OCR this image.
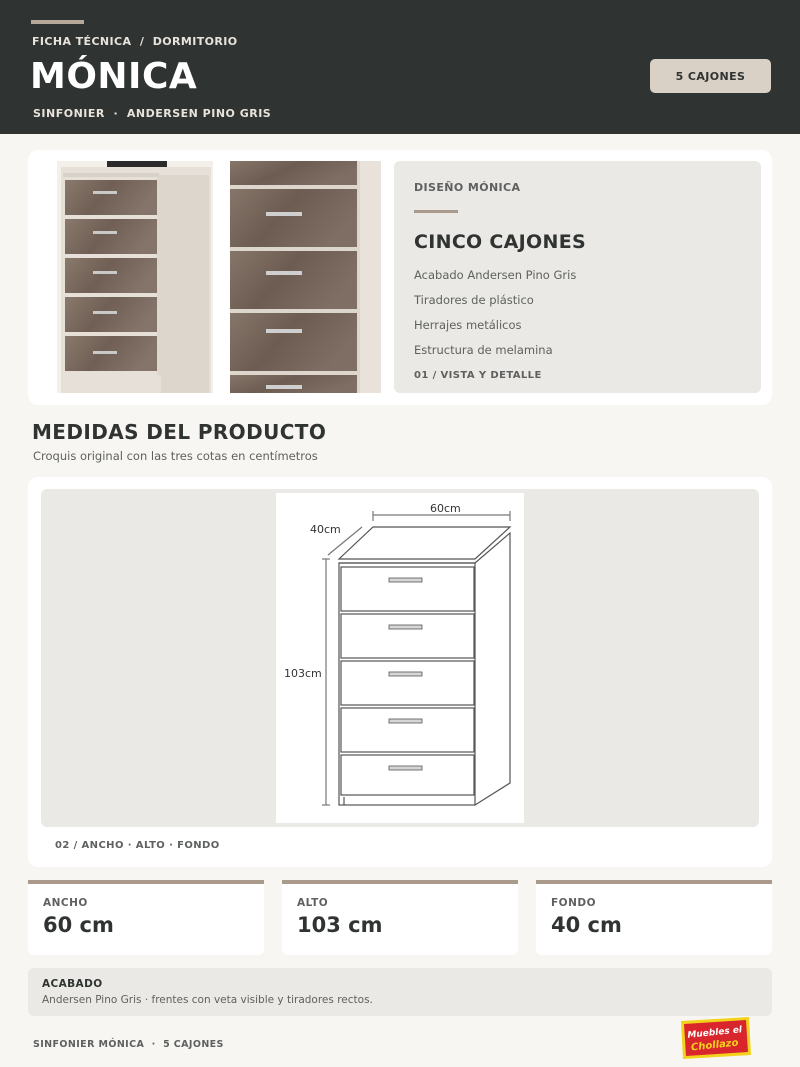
FICHA TÉCNICA  /  DORMITORIO
MÓNICA
SINFONIER  ·  ANDERSEN PINO GRIS
5 CAJONES
DISEÑO MÓNICA
CINCO CAJONES
Acabado Andersen Pino Gris
Tiradores de plástico
Herrajes metálicos
Estructura de melamina
01 / VISTA Y DETALLE
MEDIDAS DEL PRODUCTO
Croquis original con las tres cotas en centímetros
60cm
40cm
103cm
02 / ANCHO · ALTO · FONDO
ANCHO
60 cm
ALTO
103 cm
FONDO
40 cm
ACABADO
Andersen Pino Gris · frentes con veta visible y tiradores rectos.
SINFONIER MÓNICA  ·  5 CAJONES
Muebles el
Chollazo
